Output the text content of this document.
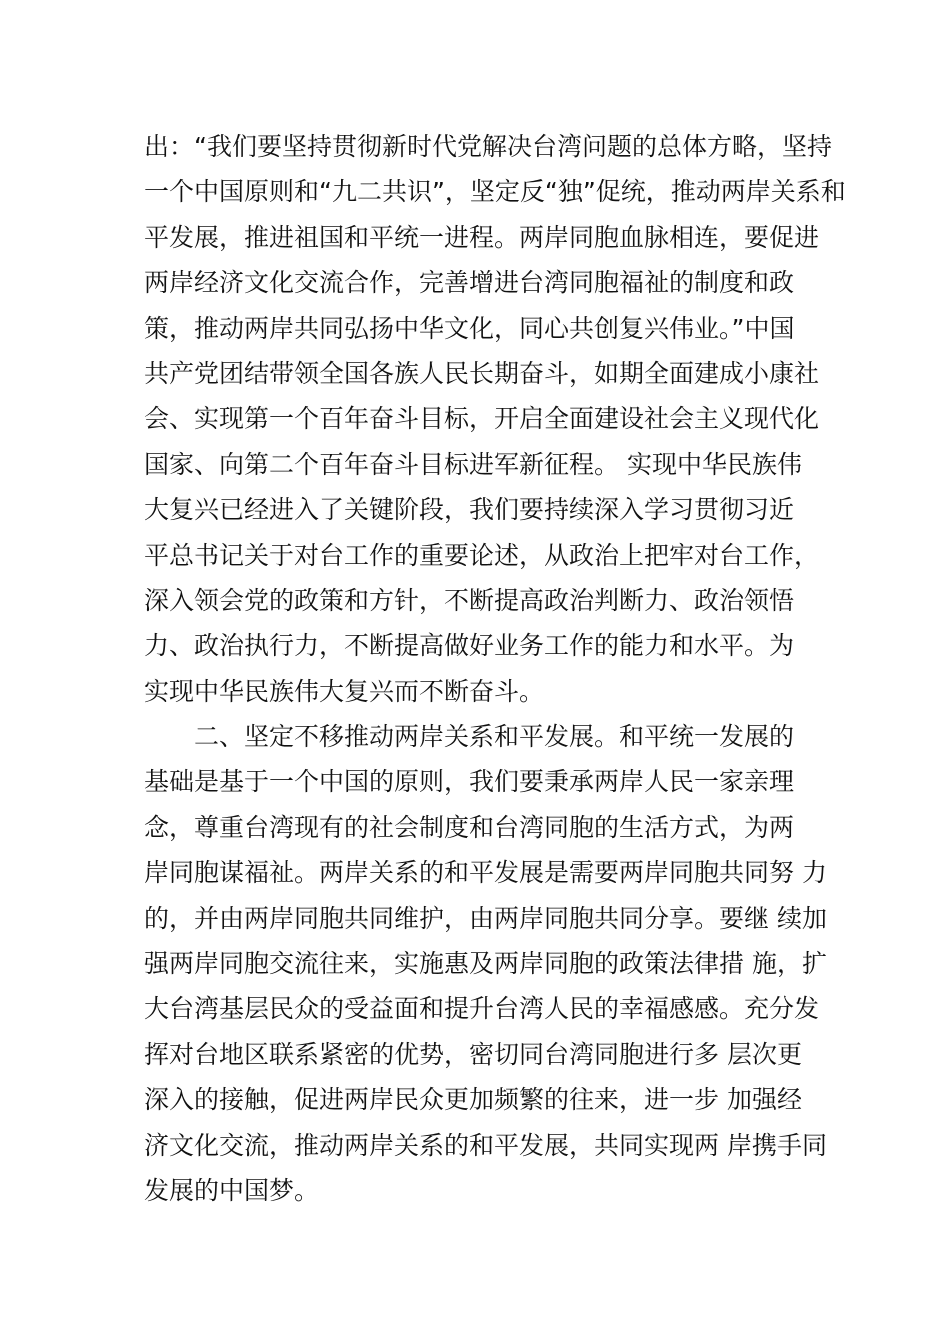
出：“我们要坚持贯彻新时代党解决台湾问题的总体方略，坚持
一个中国原则和“九二共识”，坚定反“独”促统，推动两岸关系和
平发展，推进祖国和平统一进程。两岸同胞血脉相连，要促进
两岸经济文化交流合作，完善增进台湾同胞福祉的制度和政
策，推动两岸共同弘扬中华文化，同心共创复兴伟业。”中国
共产党团结带领全国各族人民长期奋斗，如期全面建成小康社
会、实现第一个百年奋斗目标，开启全面建设社会主义现代化
国家、向第二个百年奋斗目标进军新征程。 实现中华民族伟
大复兴已经进入了关键阶段，我们要持续深入学习贯彻习近
平总书记关于对台工作的重要论述，从政治上把牢对台工作，
深入领会党的政策和方针，不断提高政治判断力、政治领悟
力、政治执行力，不断提高做好业务工作的能力和水平。为
实现中华民族伟大复兴而不断奋斗。
二、坚定不移推动两岸关系和平发展。和平统一发展的
基础是基于一个中国的原则，我们要秉承两岸人民一家亲理
念，尊重台湾现有的社会制度和台湾同胞的生活方式，为两
岸同胞谋福祉。两岸关系的和平发展是需要两岸同胞共同努 力
的，并由两岸同胞共同维护，由两岸同胞共同分享。要继 续加
强两岸同胞交流往来，实施惠及两岸同胞的政策法律措 施，扩
大台湾基层民众的受益面和提升台湾人民的幸福感感。充分发
挥对台地区联系紧密的优势，密切同台湾同胞进行多 层次更
深入的接触，促进两岸民众更加频繁的往来，进一步 加强经
济文化交流，推动两岸关系的和平发展，共同实现两 岸携手同
发展的中国梦。
